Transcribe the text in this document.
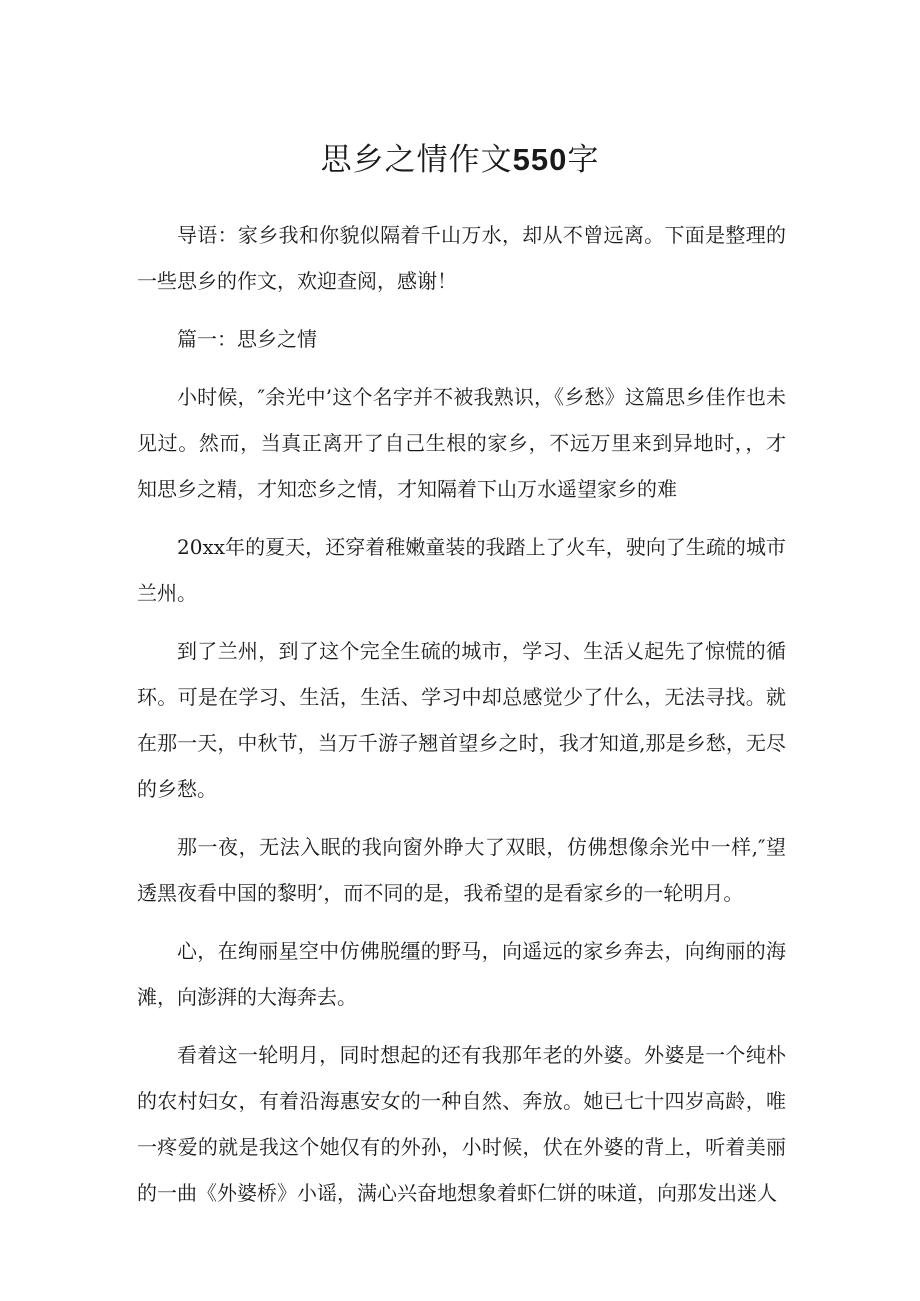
思乡之情作文550字

导语：家乡我和你貌似隔着千山万水，却从不曾远离。下面是整理的一些思乡的作文，欢迎查阅，感谢！

篇一：思乡之情

小时候，″余光中’这个名字并不被我熟识，《乡愁》这篇思乡佳作也未见过。然而，当真正离开了自己生根的家乡，不远万里来到异地时，，才知思乡之精，才知恋乡之情，才知隔着下山万水遥望家乡的难

20xx年的夏天，还穿着稚嫩童装的我踏上了火车，驶向了生疏的城市兰州。

到了兰州，到了这个完全生硫的城市，学习、生活乂起先了惊慌的循环。可是在学习、生活，生活、学习中却总感觉少了什么，无法寻找。就在那一天，中秋节，当万千游子翘首望乡之时，我才知道,那是乡愁，无尽的乡愁。

那一夜，无法入眠的我向窗外睁大了双眼，仿佛想像余光中一样,″望透黑夜看中国的黎明’，而不同的是，我希望的是看家乡的一轮明月。

心，在绚丽星空中仿佛脱缰的野马，向遥远的家乡奔去，向绚丽的海滩，向澎湃的大海奔去。

看着这一轮明月，同时想起的还有我那年老的外婆。外婆是一个纯朴的农村妇女，有着沿海惠安女的一种自然、奔放。她已七十四岁高龄，唯一疼爱的就是我这个她仅有的外孙，小时候，伏在外婆的背上，听着美丽的一曲《外婆桥》小谣，满心兴奋地想象着虾仁饼的味道，向那发出迷人
